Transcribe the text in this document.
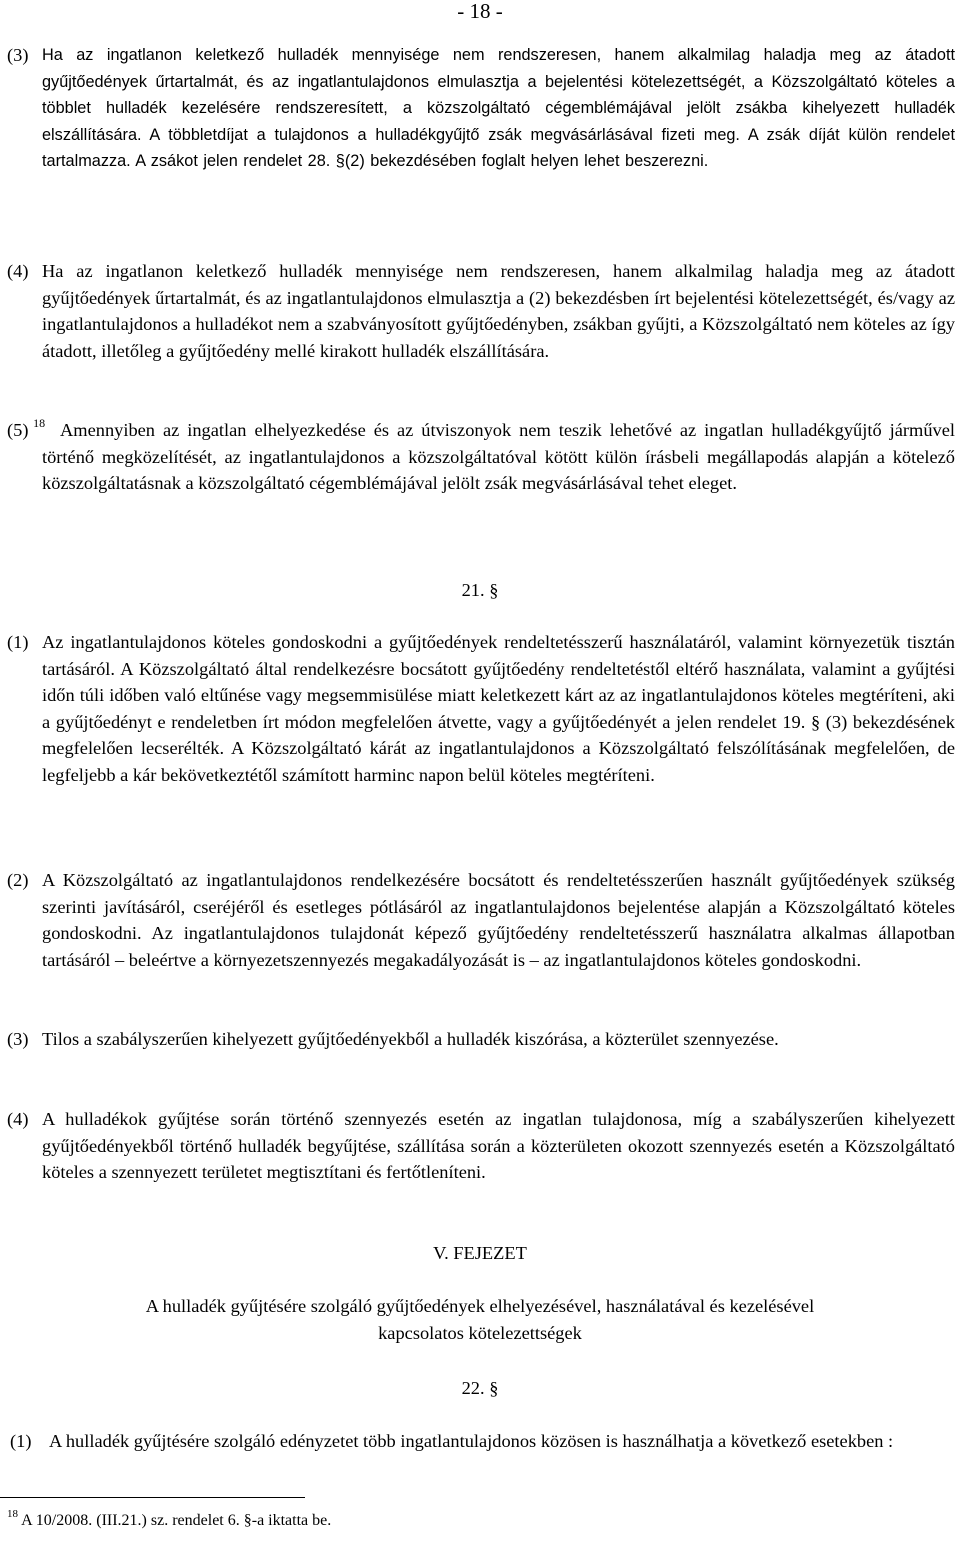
- 18 -
(3) Ha az ingatlanon keletkező hulladék mennyisége nem rendszeresen, hanem alkalmilag haladja meg az átadott gyűjtőedények űrtartalmát, és az ingatlantulajdonos elmulasztja a bejelentési kötelezettségét, a Közszolgáltató köteles a többlet hulladék kezelésére rendszeresített, a közszolgáltató cégemblémájával jelölt zsákba kihelyezett hulladék elszállítására. A többletdíjat a tulajdonos a hulladékgyűjtő zsák megvásárlásával fizeti meg. A zsák díját külön rendelet tartalmazza. A zsákot jelen rendelet 28. §(2) bekezdésében foglalt helyen lehet beszerezni.
(4) Ha az ingatlanon keletkező hulladék mennyisége nem rendszeresen, hanem alkalmilag haladja meg az átadott gyűjtőedények űrtartalmát, és az ingatlantulajdonos elmulasztja a (2) bekezdésben írt bejelentési kötelezettségét, és/vagy az ingatlantulajdonos a hulladékot nem a szabványosított gyűjtőedényben, zsákban gyűjti, a Közszolgáltató nem köteles az így átadott, illetőleg a gyűjtőedény mellé kirakott hulladék elszállítására.
(5) $^{18}$ Amennyiben az ingatlan elhelyezkedése és az útviszonyok nem teszik lehetővé az ingatlan hulladékgyűjtő járművel történő megközelítését, az ingatlantulajdonos a közszolgáltatóval kötött külön írásbeli megállapodás alapján a kötelező közszolgáltatásnak a közszolgáltató cégemblémájával jelölt zsák megvásárlásával tehet eleget.
21. §
(1) Az ingatlantulajdonos köteles gondoskodni a gyűjtőedények rendeltetésszerű használatáról, valamint környezetük tisztán tartásáról. A Közszolgáltató által rendelkezésre bocsátott gyűjtőedény rendeltetéstől eltérő használata, valamint a gyűjtési időn túli időben való eltűnése vagy megsemmisülése miatt keletkezett kárt az az ingatlantulajdonos köteles megtéríteni, aki a gyűjtőedényt e rendeletben írt módon megfelelően átvette, vagy a gyűjtőedényét a jelen rendelet 19. § (3) bekezdésének megfelelően lecserélték. A Közszolgáltató kárát az ingatlantulajdonos a Közszolgáltató felszólításának megfelelően, de legfeljebb a kár bekövetkeztétől számított harminc napon belül köteles megtéríteni.
(2) A Közszolgáltató az ingatlantulajdonos rendelkezésére bocsátott és rendeltetésszerűen használt gyűjtőedények szükség szerinti javításáról, cseréjéről és esetleges pótlásáról az ingatlantulajdonos bejelentése alapján a Közszolgáltató köteles gondoskodni. Az ingatlantulajdonos tulajdonát képező gyűjtőedény rendeltetésszerű használatra alkalmas állapotban tartásáról – beleértve a környezetszennyezés megakadályozását is – az ingatlantulajdonos köteles gondoskodni.
(3) Tilos a szabályszerűen kihelyezett gyűjtőedényekből a hulladék kiszórása, a közterület szennyezése.
(4) A hulladékok gyűjtése során történő szennyezés esetén az ingatlan tulajdonosa, míg a szabályszerűen kihelyezett gyűjtőedényekből történő hulladék begyűjtése, szállítása során a közterületen okozott szennyezés esetén a Közszolgáltató köteles a szennyezett területet megtisztítani és fertőtleníteni.
V. FEJEZET
A hulladék gyűjtésére szolgáló gyűjtőedények elhelyezésével, használatával és kezelésével
kapcsolatos kötelezettségek
22. §
(1) A hulladék gyűjtésére szolgáló edényzetet több ingatlantulajdonos közösen is használhatja a következő esetekben :
$^{18}$ A 10/2008. (III.21.) sz. rendelet 6. §-a iktatta be.
